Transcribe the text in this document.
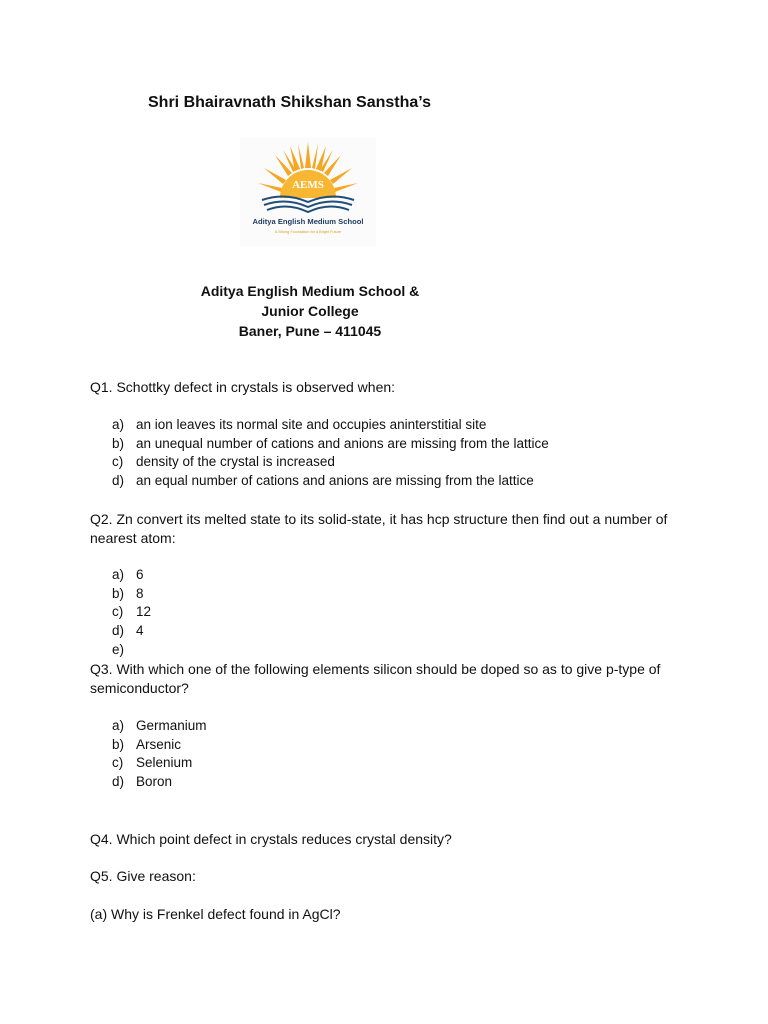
Shri Bhairavnath Shikshan Sanstha’s
AEMS
Aditya English Medium School
A Strong Foundation for a Bright Future
Aditya English Medium School &
Junior College
Baner, Pune – 411045

Q1. Schottky defect in crystals is observed when:

a) an ion leaves its normal site and occupies aninterstitial site
b) an unequal number of cations and anions are missing from the lattice
c) density of the crystal is increased
d) an equal number of cations and anions are missing from the lattice

Q2. Zn convert its melted state to its solid-state, it has hcp structure then find out a number of nearest atom:

a) 6
b) 8
c) 12
d) 4
e)

Q3. With which one of the following elements silicon should be doped so as to give p-type of semiconductor?

a) Germanium
b) Arsenic
c) Selenium
d) Boron

Q4. Which point defect in crystals reduces crystal density?

Q5. Give reason:

(a) Why is Frenkel defect found in AgCl?
